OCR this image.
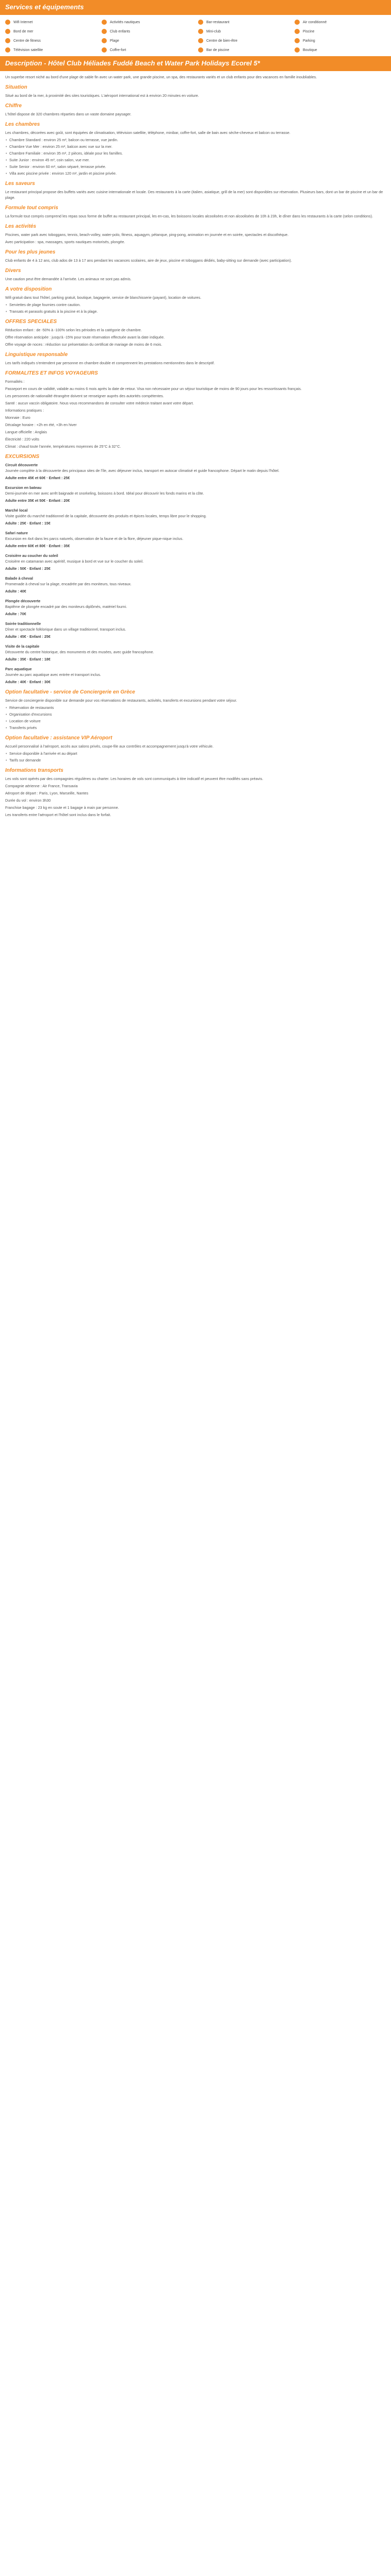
Services et équipements
Wifi Internet	Activités nautiques	Bar-restaurant	Air conditionné
Bord de mer	Club enfants	Mini-club	Piscine
Centre de fitness	Plage	Centre de bien-être	Parking
Télévision satellite	Coffre-fort	Bar de piscine	Boutique
Description - Hôtel Club Héliades Fuddé Beach et Water Park Holidays Ecorel 5*

Un superbe resort niché au bord d'une plage de sable fin avec un water park, une grande piscine, un spa, des restaurants variés et un club enfants pour des vacances en famille inoubliables.

Situation

Situé au bord de la mer, à proximité des sites touristiques. L'aéroport international est à environ 20 minutes en voiture.

Chiffre

L'hôtel dispose de 320 chambres réparties dans un vaste domaine paysager.

Les chambres

Les chambres, décorées avec goût, sont équipées de climatisation, télévision satellite, téléphone, minibar, coffre-fort, salle de bain avec sèche-cheveux et balcon ou terrasse.

• Chambre Standard : environ 25 m², balcon ou terrasse, vue jardin.
• Chambre Vue Mer : environ 25 m², balcon avec vue sur la mer.
• Chambre Familiale : environ 35 m², 2 pièces, idéale pour les familles.
• Suite Junior : environ 45 m², coin salon, vue mer.
• Suite Senior : environ 60 m², salon séparé, terrasse privée.
• Villa avec piscine privée : environ 120 m², jardin et piscine privée.
Les saveurs

Le restaurant principal propose des buffets variés avec cuisine internationale et locale. Des restaurants à la carte (italien, asiatique, grill de la mer) sont disponibles sur réservation. Plusieurs bars, dont un bar de piscine et un bar de plage.

Formule tout compris

La formule tout compris comprend les repas sous forme de buffet au restaurant principal, les en-cas, les boissons locales alcoolisées et non alcoolisées de 10h à 23h, le dîner dans les restaurants à la carte (selon conditions).

Les activités

Piscines, water park avec toboggans, tennis, beach-volley, water-polo, fitness, aquagym, pétanque, ping-pong, animation en journée et en soirée, spectacles et discothèque.

Avec participation : spa, massages, sports nautiques motorisés, plongée.

Pour les plus jeunes

Club enfants de 4 à 12 ans, club ados de 13 à 17 ans pendant les vacances scolaires, aire de jeux, piscine et toboggans dédiés, baby-sitting sur demande (avec participation).

Divers

Une caution peut être demandée à l'arrivée. Les animaux ne sont pas admis.

A votre disposition

Wifi gratuit dans tout l'hôtel, parking gratuit, boutique, bagagerie, service de blanchisserie (payant), location de voitures.

• Serviettes de plage fournies contre caution.
• Transats et parasols gratuits à la piscine et à la plage.
OFFRES SPECIALES

Réduction enfant : de -50% à -100% selon les périodes et la catégorie de chambre.

Offre réservation anticipée : jusqu'à -15% pour toute réservation effectuée avant la date indiquée.

Offre voyage de noces : réduction sur présentation du certificat de mariage de moins de 6 mois.

Linguistique responsable

Les tarifs indiqués s'entendent par personne en chambre double et comprennent les prestations mentionnées dans le descriptif.

FORMALITES ET INFOS VOYAGEURS

Formalités :

Passeport en cours de validité, valable au moins 6 mois après la date de retour. Visa non nécessaire pour un séjour touristique de moins de 90 jours pour les ressortissants français.

Les personnes de nationalité étrangère doivent se renseigner auprès des autorités compétentes.

Santé : aucun vaccin obligatoire. Nous vous recommandons de consulter votre médecin traitant avant votre départ.

Informations pratiques :

Monnaie : Euro

Décalage horaire : +2h en été, +3h en hiver

Langue officielle : Anglais

Électricité : 220 volts

Climat : chaud toute l'année, températures moyennes de 25°C à 32°C.

EXCURSIONS
Circuit découverte
Journée complète à la découverte des principaux sites de l'île, avec déjeuner inclus, transport en autocar climatisé et guide francophone. Départ le matin depuis l'hôtel.
Adulte entre 45€ et 60€ · Enfant : 25€
Excursion en bateau
Demi-journée en mer avec arrêt baignade et snorkeling, boissons à bord. Idéal pour découvrir les fonds marins et la côte.
Adulte entre 35€ et 50€ · Enfant : 20€
Marché local
Visite guidée du marché traditionnel de la capitale, découverte des produits et épices locales, temps libre pour le shopping.
Adulte : 25€ · Enfant : 15€
Safari nature
Excursion en 4x4 dans les parcs naturels, observation de la faune et de la flore, déjeuner pique-nique inclus.
Adulte entre 60€ et 80€ · Enfant : 35€
Croisière au coucher du soleil
Croisière en catamaran avec apéritif, musique à bord et vue sur le coucher du soleil.
Adulte : 50€ · Enfant : 25€
Balade à cheval
Promenade à cheval sur la plage, encadrée par des moniteurs, tous niveaux.
Adulte : 40€
Plongée découverte
Baptême de plongée encadré par des moniteurs diplômés, matériel fourni.
Adulte : 70€
Soirée traditionnelle
Dîner et spectacle folklorique dans un village traditionnel, transport inclus.
Adulte : 45€ · Enfant : 25€
Visite de la capitale
Découverte du centre historique, des monuments et des musées, avec guide francophone.
Adulte : 35€ · Enfant : 18€
Parc aquatique
Journée au parc aquatique avec entrée et transport inclus.
Adulte : 40€ · Enfant : 30€
Option facultative - service de Conciergerie en Grèce

Service de conciergerie disponible sur demande pour vos réservations de restaurants, activités, transferts et excursions pendant votre séjour.

• Réservation de restaurants
• Organisation d'excursions
• Location de voiture
• Transferts privés
Option facultative : assistance VIP Aéroport

Accueil personnalisé à l'aéroport, accès aux salons privés, coupe-file aux contrôles et accompagnement jusqu'à votre véhicule.

• Service disponible à l'arrivée et au départ
• Tarifs sur demande
Informations transports

Les vols sont opérés par des compagnies régulières ou charter. Les horaires de vols sont communiqués à titre indicatif et peuvent être modifiés sans préavis.

Compagnie aérienne : Air France, Transavia

Aéroport de départ : Paris, Lyon, Marseille, Nantes

Durée du vol : environ 3h30

Franchise bagage : 23 kg en soute et 1 bagage à main par personne.

Les transferts entre l'aéroport et l'hôtel sont inclus dans le forfait.
